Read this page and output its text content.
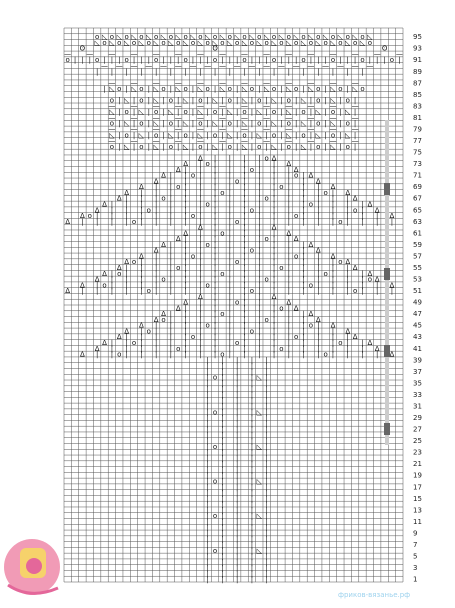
o
◺
◺
o
o
◺
◺
o
o
◺
◺
o
o
◺
◺
o
o
◺
◺
o
o
◺
◺
o
o
◺
◺
o
o
◺
◺
o
o
◺
◺
o
o
◺
◺
o
o
◺
◺
o
o
◺
◺
o
o
◺
◺
o
o
◺
◺
o
o
◺
◺
o
o
◺
◺
o
o
◺
◺
o
o
◺
◺
o
o
◺
◺
o
ʘ	ʘ	ʘ
o
—
| | |
—
o | |
—
| o |
—
| | o
—
| | |
—
o | |
—
| o |
—
| | o
—
| | |
—
o | |
—
| o |
—
| | o
—
| | |
—
o | |
—
| o |
—
|
—
|
—
—
|
—
—
|
—
|
—
—
|
—
—
|
—
|
—
—
|
—
—
|
—
|
—
—
|
—
—
|
—
|
—
—
|
—
—
|
—
|
—
—
|
—
—
|
—
| ◺ o | ◺ o | ◺ o | ◺ o | ◺ o | ◺ o | ◺ o | ◺ o | ◺ o | ◺ o | ◺ o | ◺ o
o | ◺ | o | ◺ | o | ◺ | o | ◺ | o | ◺ | o | ◺ | o | ◺ | o | ◺ | o |
— — — — — — — — — — — —
◺ | o | ◺ | o | ◺ | o | ◺ | o | ◺ | o | ◺ | o | ◺ | o | ◺ | o | ◺ |
— — — — — — — — — — — —
o | ◺ | o | ◺ | o | ◺ | o | ◺ | o | ◺ | o | ◺ | o | ◺ | o | ◺ | o |
— — — — — — — — — — — —
◺ | o | ◺ | o | ◺ | o | ◺ | o | ◺ | o | ◺ | o | ◺ | o | ◺ | o | ◺ |
— — — — — — — — — — — —
o | ◺ | o | ◺ | o | ◺ | o | ◺ | o | ◺ | o | ◺ | o | ◺ | o | ◺ | o |
Δ	Δ
| | | | o
Δ	Δ
| o | | | | |
Δ	Δ
| | | | | o | | |
Δ	Δ
| | o | | | | | | | o |
Δ	Δ
| | | | | o | | | | |
Δ	Δ
| | o | | | | | | | o | | |
Δ	Δ
| | | | | | o | | | | | | | o |
Δ	Δ
| | | o | | | | | | | o | | | | | |
Δ	Δ
| | | | | | | o | | | | | | | o | | | |
Δ	Δ
| | | o | | | | | | | o | | | | | | | o |
Δ	Δ
o | | | | | | | o | | | | | | | o | | | | | |
Δ | | | | o | | | | | | | o | | | | | | | o | | | |
Δ	Δ
| | | |
Δ	Δ
| | o | | | |
Δ	Δ
| | | | | | o | |
Δ	Δ
| | | o | | | | | | |
Δ	Δ
| | | | | | o | | | |
Δ	Δ
| | | o | | | | | | | o | |
Δ	Δ
o | | | | | | | o | | | | | | | o
Δ	Δ
| | | | o | | | | | | | o | | | | |
Δ	Δ
| o | | | | | | | o | | | | | | | o | | |
Δ	Δ
| | | | o | | | | | | | o | | | | | | | o
Δ	Δ
| o | | | | | | | o | | | | | | | o | | | | |
Δ | | | | | o | | | | | | | o | | | | | | | o | | |
Δ	Δ
| | | |
Δ	Δ
| | | o | | |
Δ	Δ
| | | | | | | o |
Δ	Δ
| | | | o | | | | | |
Δ	Δ
o | | | | | | | o | | |
Δ	Δ
| | | | o | | | | | | | o |
Δ	Δ
| o | | | | | | | o | | | | | |
Δ	Δ
| | | | | o | | | | | | | o | | | |
Δ	Δ
| | o | | | | | | | o | | | | | | | o | |
Δ	Δ
| | | | | o | | | | | | | o | | | | | |
Δ	Δ
| | o | | | | | | | o | | | | | | | o | | | |
| | | | |
| | | | |
| | | | |
| | | | |
o	◺
| | | | |
| | | | |
| | | | |
| | | | |
| | | | |
| | | | |
o	◺
| | | | |
| | | | |
| | | | |
| | | | |
| | | | |
| | | | |
o	◺
| | | | |
| | | | |
| | | | |
| | | | |
| | | | |
| | | | |
o	◺
| | | | |
| | | | |
| | | | |
| | | | |
| | | | |
| | | | |
o	◺
| | | | |
| | | | |
| | | | |
| | | | |
| | | | |
| | | | |
o	◺
| | | | |
| | | | |
| | | | |
| | | | |
| | | | |
95
93
91
89
87
85
83
81
79
77
75
73
71
69
67
65
63
61
59
57
55
53
51
49
47
45
43
41
39
37
35
33
31
29
27
25
23
21
19
17
15
13
11
9
7
5
3
1
фриков-вязанье.рф
